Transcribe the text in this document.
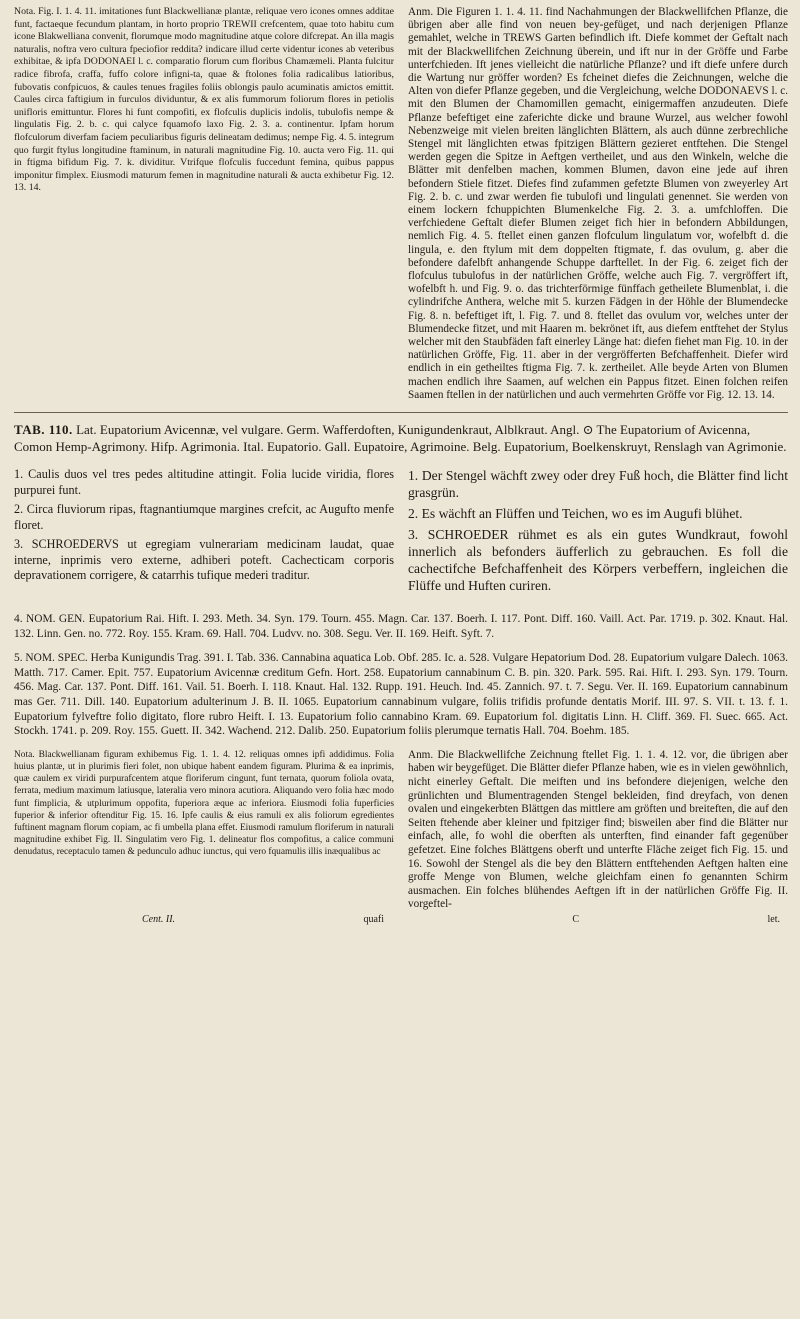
Nota. Fig. I. 1. 4. 11. imitationes funt Blackwellianæ plantæ, reliquae vero icones omnes additae funt, factaeque fecundum plantam, in horto proprio TREWII crefcentem, quae toto habitu cum icone Blakwelliana convenit, florumque modo magnitudine atque colore difcrepat. An illa magis naturalis, noftra vero cultura fpeciofior reddita? indicare illud certe videntur icones ab veteribus exhibitae, & ipfa DODONAEI l. c. comparatio florum cum floribus Chamæmeli. Planta fulcitur radice fibrofa, craffa, fuffo colore infigni-ta, quae & ftolones folia radicalibus latioribus, fubovatis confpicuos, & caules tenues fragiles foliis oblongis paulo acuminatis amictos emittit. Caules circa faftigium in furculos dividuntur, & ex alis fummorum foliorum flores in petiolis unifloris emittuntur. Flores hi funt compofiti, ex flofculis duplicis indolis, tubulofis nempe & lingulatis Fig. 2. b. c. qui calyce fquamofo laxo Fig. 2. 3. a. continentur. Ipfam horum flofculorum diverfam faciem peculiaribus figuris delineatam dedimus; nempe Fig. 4. 5. integrum quo furgit ftylus longitudine ftaminum, in naturali magnitudine Fig. 10. aucta vero Fig. 11. qui in ftigma bifidum Fig. 7. k. dividitur. Vtrifque flofculis fuccedunt femina, quibus pappus imponitur fimplex. Eiusmodi maturum femen in magnitudine naturali & aucta exhibetur Fig. 12. 13. 14.
Anm. Die Figuren 1. 1. 4. 11. find Nachahmungen der Blackwellifchen Pflanze, die übrigen aber alle find von neuen bey-gefüget, und nach derjenigen Pflanze gemahlet, welche in TREWS Garten befindlich ift. Diefe kommet der Geftalt nach mit der Blackwellifchen Zeichnung überein, und ift nur in der Gröffe und Farbe unterfchieden. Ift jenes vielleicht die natürliche Pflanze? und ift diefe unfere durch die Wartung nur gröffer worden? Es fcheinet diefes die Zeichnungen, welche die Alten von diefer Pflanze gegeben, und die Vergleichung, welche DODONAEVS l. c. mit den Blumen der Chamomillen gemacht, einigermaffen anzudeuten. Diefe Pflanze befeftiget eine zaferichte dicke und braune Wurzel, aus welcher fowohl Nebenzweige mit vielen breiten länglichten Blättern, als auch dünne zerbrechliche Stengel mit länglichten etwas fpitzigen Blättern gezieret entftehen. Die Stengel werden gegen die Spitze in Aeftgen vertheilet, und aus den Winkeln, welche die Blätter mit denfelben machen, kommen Blumen, davon eine jede auf ihren befondern Stiele fitzet. Diefes find zufammen gefetzte Blumen von zweyerley Art Fig. 2. b. c. und zwar werden fie tubulofi und lingulati genennet. Sie werden von einem lockern fchuppichten Blumenkelche Fig. 2. 3. a. umfchloffen. Die verfchiedene Geftalt diefer Blumen zeiget fich hier in befondern Abbildungen, nemlich Fig. 4. 5. ftellet einen ganzen flofculum lingulatum vor, wofelbft d. die lingula, e. den ftylum mit dem doppelten ftigmate, f. das ovulum, g. aber die befondere dafelbft anhangende Schuppe darftellet. In der Fig. 6. zeiget fich der flofculus tubulofus in der natürlichen Gröffe, welche auch Fig. 7. vergröffert ift, wofelbft h. und Fig. 9. o. das trichterförmige fünffach getheilete Blumenblat, i. die cylindrifche Anthera, welche mit 5. kurzen Fädgen in der Höhle der Blumendecke Fig. 8. n. befeftiget ift, l. Fig. 7. und 8. ftellet das ovulum vor, welches unter der Blumendecke fitzet, und mit Haaren m. bekrönet ift, aus diefem entftehet der Stylus welcher mit den Staubfäden faft einerley Länge hat: diefen fiehet man Fig. 10. in der natürlichen Gröffe, Fig. 11. aber in der vergröfferten Befchaffenheit. Diefer wird endlich in ein getheiltes ftigma Fig. 7. k. zertheilet. Alle beyde Arten von Blumen machen endlich ihre Saamen, auf welchen ein Pappus fitzet. Einen folchen reifen Saamen ftellen in der natürlichen und auch vermehrten Gröffe vor Fig. 12. 13. 14.
TAB. 110. Lat. Eupatorium Avicennæ, vel vulgare. Germ. Wafferdoften, Kunigundenkraut, Alblkraut. Angl. ⊙ The Eupatorium of Avicenna, Comon Hemp-Agrimony. Hifp. Agrimonia. Ital. Eupatorio. Gall. Eupatoire, Agrimoine. Belg. Eupatorium, Boelkenskruyt, Renslagh van Agrimonie.

1. Caulis duos vel tres pedes altitudine attingit. Folia lucide viridia, flores purpurei funt.

2. Circa fluviorum ripas, ftagnantiumque margines crefcit, ac Augufto menfe floret.

3. SCHROEDERVS ut egregiam vulnerariam medicinam laudat, quae interne, inprimis vero externe, adhiberi poteft. Cachecticam corporis depravationem corrigere, & catarrhis tufique mederi traditur.

1. Der Stengel wächft zwey oder drey Fuß hoch, die Blätter find licht grasgrün.

2. Es wächft an Flüffen und Teichen, wo es im Augufi blühet.

3. SCHROEDER rühmet es als ein gutes Wundkraut, fowohl innerlich als befonders äufferlich zu gebrauchen. Es foll die cachectifche Befchaffenheit des Körpers verbeffern, ingleichen die Flüffe und Huften curiren.

4. NOM. GEN. Eupatorium Rai. Hift. I. 293. Meth. 34. Syn. 179. Tourn. 455. Magn. Car. 137. Boerh. I. 117. Pont. Diff. 160. Vaill. Act. Par. 1719. p. 302. Knaut. Hal. 132. Linn. Gen. no. 772. Roy. 155. Kram. 69. Hall. 704. Ludvv. no. 308. Segu. Ver. II. 169. Heift. Syft. 7.

5. NOM. SPEC. Herba Kunigundis Trag. 391. I. Tab. 336. Cannabina aquatica Lob. Obf. 285. Ic. a. 528. Vulgare Hepatorium Dod. 28. Eupatorium vulgare Dalech. 1063. Matth. 717. Camer. Epit. 757. Eupatorium Avicennæ creditum Gefn. Hort. 258. Eupatorium cannabinum C. B. pin. 320. Park. 595. Rai. Hift. I. 293. Syn. 179. Tourn. 456. Mag. Car. 137. Pont. Diff. 161. Vail. 51. Boerh. I. 118. Knaut. Hal. 132. Rupp. 191. Heuch. Ind. 45. Zannich. 97. t. 7. Segu. Ver. II. 169. Eupatorium cannabinum mas Ger. 711. Dill. 140. Eupatorium adulterinum J. B. II. 1065. Eupatorium cannabinum vulgare, foliis trifidis profunde dentatis Morif. III. 97. S. VII. t. 13. f. 1. Eupatorium fylveftre folio digitato, flore rubro Heift. I. 13. Eupatorium folio cannabino Kram. 69. Eupatorium fol. digitatis Linn. H. Cliff. 369. Fl. Suec. 665. Act. Stockh. 1741. p. 209. Roy. 155. Guett. II. 342. Wachend. 212. Dalib. 250. Eupatorium foliis plerumque ternatis Hall. 704. Boehm. 185.

Nota. Blackwellianam figuram exhibemus Fig. 1. 1. 4. 12. reliquas omnes ipfi addidimus. Folia huius plantæ, ut in plurimis fieri folet, non ubique habent eandem figuram. Plurima & ea inprimis, quæ caulem ex viridi purpurafcentem atque floriferum cingunt, funt ternata, quorum foliola ovata, ferrata, medium maximum latiusque, lateralia vero minora acutiora. Aliquando vero folia hæc modo funt fimplicia, & utplurimum oppofita, fuperiora æque ac inferiora. Eiusmodi folia fuperficies fuperior & inferior oftenditur Fig. 15. 16. Ipfe caulis & eius ramuli ex alis foliorum egredientes fuftinent magnam florum copiam, ac fi umbella plana effet. Eiusmodi ramulum floriferum in naturali magnitudine exhibet Fig. II. Singulatim vero Fig. 1. delineatur flos compofitus, a calice communi denudatus, receptaculo tamen & pedunculo adhuc iunctus, qui vero fquamulis illis inæqualibus ac
Anm. Die Blackwellifche Zeichnung ftellet Fig. 1. 1. 4. 12. vor, die übrigen aber haben wir beygefüget. Die Blätter diefer Pflanze haben, wie es in vielen gewöhnlich, nicht einerley Geftalt. Die meiften und ins befondere diejenigen, welche den grünlichten und Blumentragenden Stengel bekleiden, find dreyfach, von denen ovalen und eingekerbten Blättgen das mittlere am gröften und breiteften, die auf den Seiten ftehende aber kleiner und fpitziger find; bisweilen aber find die Blätter nur einfach, alle, fo wohl die oberften als unterften, find einander faft gegenüber gefetzet. Eine folches Blättgens oberft und unterfte Fläche zeiget fich Fig. 15. und 16. Sowohl der Stengel als die bey den Blättern entftehenden Aeftgen halten eine groffe Menge von Blumen, welche gleichfam einen fo genannten Schirm ausmachen. Ein folches blühendes Aeftgen ift in der natürlichen Gröffe Fig. II. vorgeftel-
Cent. II.	quafi	C	let.
